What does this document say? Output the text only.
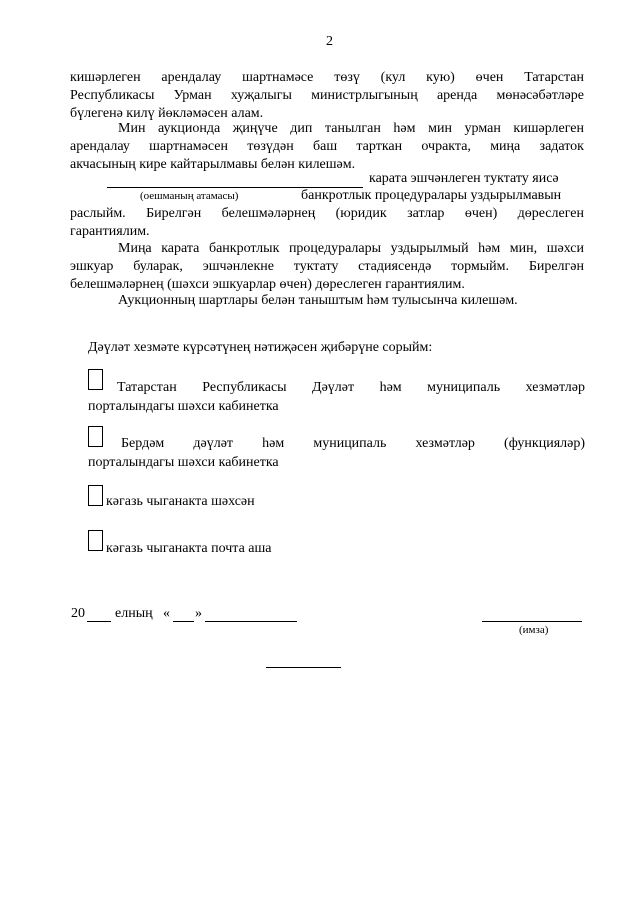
2
кишәрлеген арендалау шартнамәсе төзү (кул кую) өчен Татарстан
Республикасы Урман хуҗалыгы министрлыгының аренда мөнәсәбәтләре
бүлегенә килү йөкләмәсен алам.
Мин аукционда җиңүче дип танылган һәм мин урман кишәрлеген
арендалау шартнамәсен төзүдән баш тарткан очракта, миңа задаток
акчасының кире кайтарылмавы белән килешәм.
карата эшчәнлеген туктату яисә
(оешманың атамасы)	банкротлык процедуралары уздырылмавын
раслыйм. Бирелгән белешмәләрнең (юридик затлар өчен) дөреслеген
гарантиялим.
Миңа карата банкротлык процедуралары уздырылмый һәм мин, шәхси
эшкуар буларак, эшчәнлекне туктату стадиясендә тормыйм. Бирелгән
белешмәләрнең (шәхси эшкуарлар өчен) дөреслеген гарантиялим.
Аукционның шартлары белән таныштым һәм тулысынча килешәм.
Дәүләт хезмәте күрсәтүнең нәтиҗәсен җибәрүне сорыйм:
Татарстан Республикасы Дәүләт һәм муниципаль хезмәтләр
порталындагы шәхси кабинетка
Бердәм дәүләт һәм муниципаль хезмәтләр (функцияләр)
порталындагы шәхси кабинетка
кәгазь чыганакта шәхсән
кәгазь чыганакта почта аша
20 елның « »
(имза)
